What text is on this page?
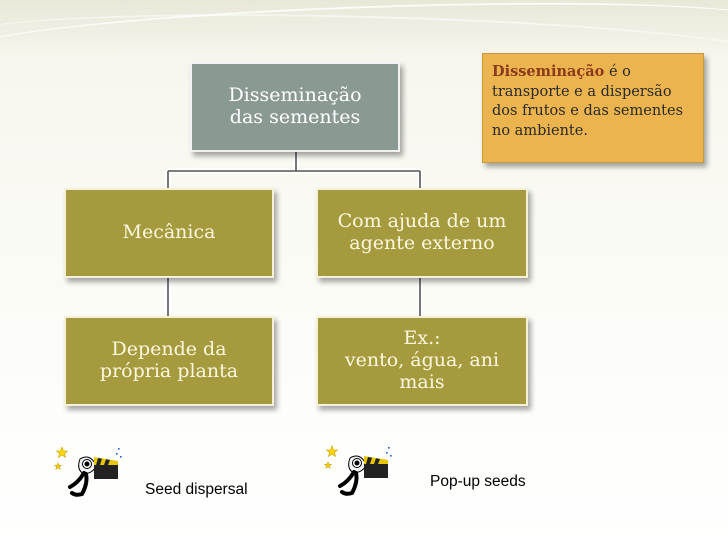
Disseminação das sementes
Mecânica	Com ajuda de um agente externo
Depende da própria planta
Ex.:
vento, água, ani mais
Disseminação é o transporte e a dispersão dos frutos e das sementes no ambiente.
Seed dispersal	Pop-up seeds
